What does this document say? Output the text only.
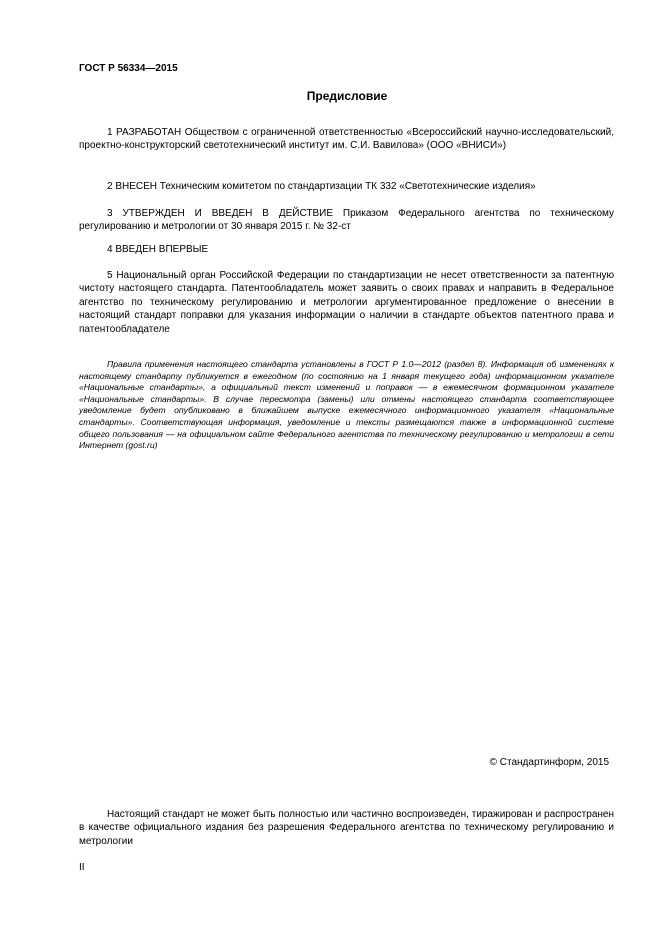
ГОСТ Р 56334—2015

Предисловие

1 РАЗРАБОТАН Обществом с ограниченной ответственностью «Всероссийский научно-исследовательский, проектно-конструкторский светотехнический институт им. С.И. Вавилова» (ООО «ВНИСИ»)

2 ВНЕСЕН Техническим комитетом по стандартизации ТК 332 «Светотехнические изделия»

3 УТВЕРЖДЕН И ВВЕДЕН В ДЕЙСТВИЕ Приказом Федерального агентства по техническому регулированию и метрологии от 30 января 2015 г. № 32-ст

4 ВВЕДЕН ВПЕРВЫЕ

5 Национальный орган Российской Федерации по стандартизации не несет ответственности за патентную чистоту настоящего стандарта. Патентообладатель может заявить о своих правах и направить в Федеральное агентство по техническому регулированию и метрологии аргументированное предложение о внесении в настоящий стандарт поправки для указания информации о наличии в стандарте объектов патентного права и патентообладателе

Правила применения настоящего стандарта установлены в ГОСТ Р 1.0—2012 (раздел 8). Информация об изменениях к настоящему стандарту публикуется в ежегодном (по состоянию на 1 января текущего года) информационном указателе «Национальные стандарты», а официальный текст изменений и поправок — в ежемесячном формационном указателе «Национальные стандарты». В случае пересмотра (замены) или отмены настоящего стандарта соответствующее уведомление будет опубликовано в ближайшем выпуске ежемесячного информационного указателя «Национальные стандарты». Соответствующая информация, уведомление и тексты размещаются также в информационной системе общего пользования — на официальном сайте Федерального агентства по техническому регулированию и метрологии в сети Интернет (gost.ru)

© Стандартинформ, 2015

Настоящий стандарт не может быть полностью или частично воспроизведен, тиражирован и распространен в качестве официального издания без разрешения Федерального агентства по техническому регулированию и метрологии

II
